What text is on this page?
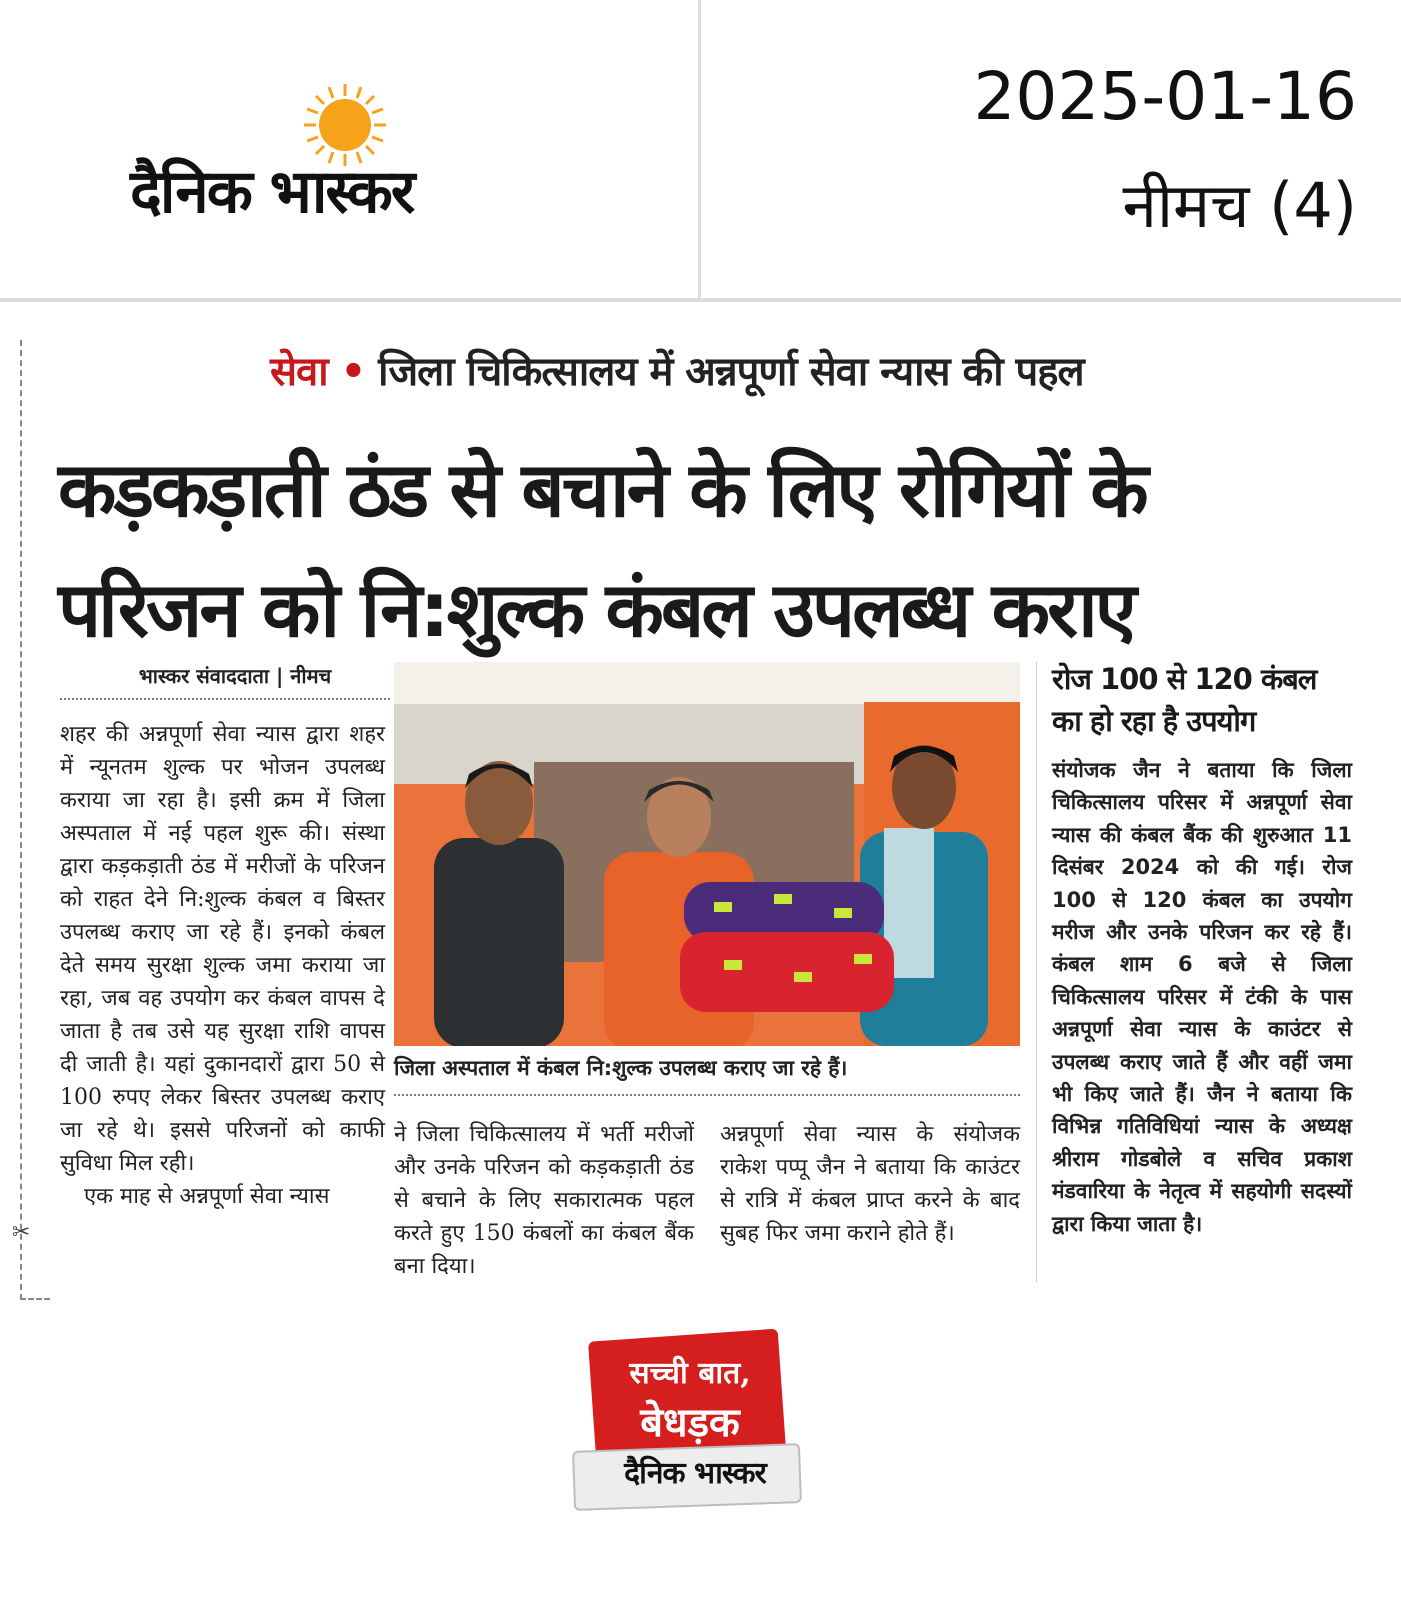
दैनिक भास्कर
2025-01-16
नीमच (4)
✂
सेवा • जिला चिकित्सालय में अन्नपूर्णा सेवा न्यास की पहल
कड़कड़ाती ठंड से बचाने के लिए रोगियों के
परिजन को नि:शुल्क कंबल उपलब्ध कराए
भास्कर संवाददाता | नीमच

शहर की अन्नपूर्णा सेवा न्यास द्वारा शहर में न्यूनतम शुल्क पर भोजन उपलब्ध कराया जा रहा है। इसी क्रम में जिला अस्पताल में नई पहल शुरू की। संस्था द्वारा कड़कड़ाती ठंड में मरीजों के परिजन को राहत देने नि:शुल्क कंबल व बिस्तर उपलब्ध कराए जा रहे हैं। इनको कंबल देते समय सुरक्षा शुल्क जमा कराया जा रहा, जब वह उपयोग कर कंबल वापस दे जाता है तब उसे यह सुरक्षा राशि वापस दी जाती है। यहां दुकानदारों द्वारा 50 से 100 रुपए लेकर बिस्तर उपलब्ध कराए जा रहे थे। इससे परिजनों को काफी सुविधा मिल रही।

एक माह से अन्नपूर्णा सेवा न्यास

जिला अस्पताल में कंबल नि:शुल्क उपलब्ध कराए जा रहे हैं।

ने जिला चिकित्सालय में भर्ती मरीजों और उनके परिजन को कड़कड़ाती ठंड से बचाने के लिए सकारात्मक पहल करते हुए 150 कंबलों का कंबल बैंक बना दिया।

अन्नपूर्णा सेवा न्यास के संयोजक राकेश पप्पू जैन ने बताया कि काउंटर से रात्रि में कंबल प्राप्त करने के बाद सुबह फिर जमा कराने होते हैं।

रोज 100 से 120 कंबल का हो रहा है उपयोग
संयोजक जैन ने बताया कि जिला चिकित्सालय परिसर में अन्नपूर्णा सेवा न्यास की कंबल बैंक की शुरुआत 11 दिसंबर 2024 को की गई। रोज 100 से 120 कंबल का उपयोग मरीज और उनके परिजन कर रहे हैं। कंबल शाम 6 बजे से जिला चिकित्सालय परिसर में टंकी के पास अन्नपूर्णा सेवा न्यास के काउंटर से उपलब्ध कराए जाते हैं और वहीं जमा भी किए जाते हैं। जैन ने बताया कि विभिन्न गतिविधियां न्यास के अध्यक्ष श्रीराम गोडबोले व सचिव प्रकाश मंडवारिया के नेतृत्व में सहयोगी सदस्यों द्वारा किया जाता है।
सच्ची बात,
बेधड़क
दैनिक भास्कर
